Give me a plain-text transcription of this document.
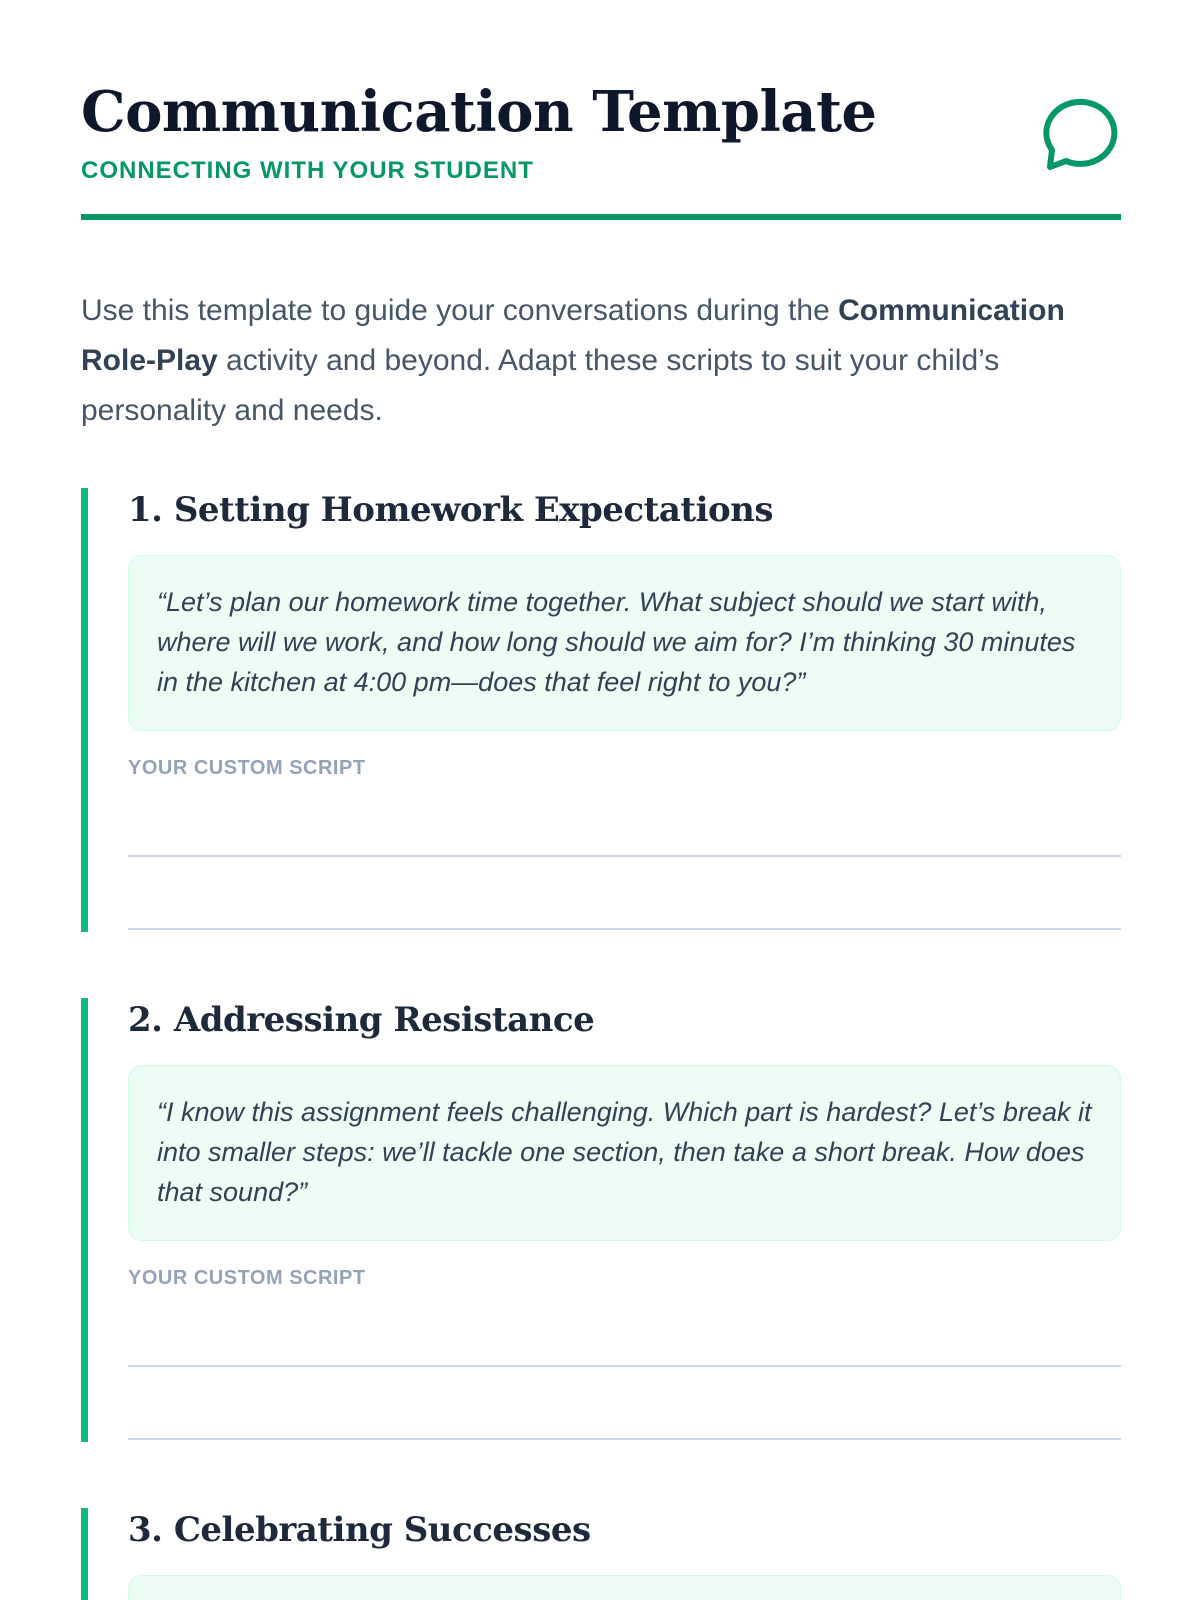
Communication Template
CONNECTING WITH YOUR STUDENT

Use this template to guide your conversations during the Communication Role-Play activity and beyond. Adapt these scripts to suit your child’s personality and needs.

1. Setting Homework Expectations
“Let’s plan our homework time together. What subject should we start with, where will we work, and how long should we aim for? I’m thinking 30 minutes in the kitchen at 4:00 pm—does that feel right to you?”
YOUR CUSTOM SCRIPT
2. Addressing Resistance
“I know this assignment feels challenging. Which part is hardest? Let’s break it into smaller steps: we’ll tackle one section, then take a short break. How does that sound?”
YOUR CUSTOM SCRIPT
3. Celebrating Successes
